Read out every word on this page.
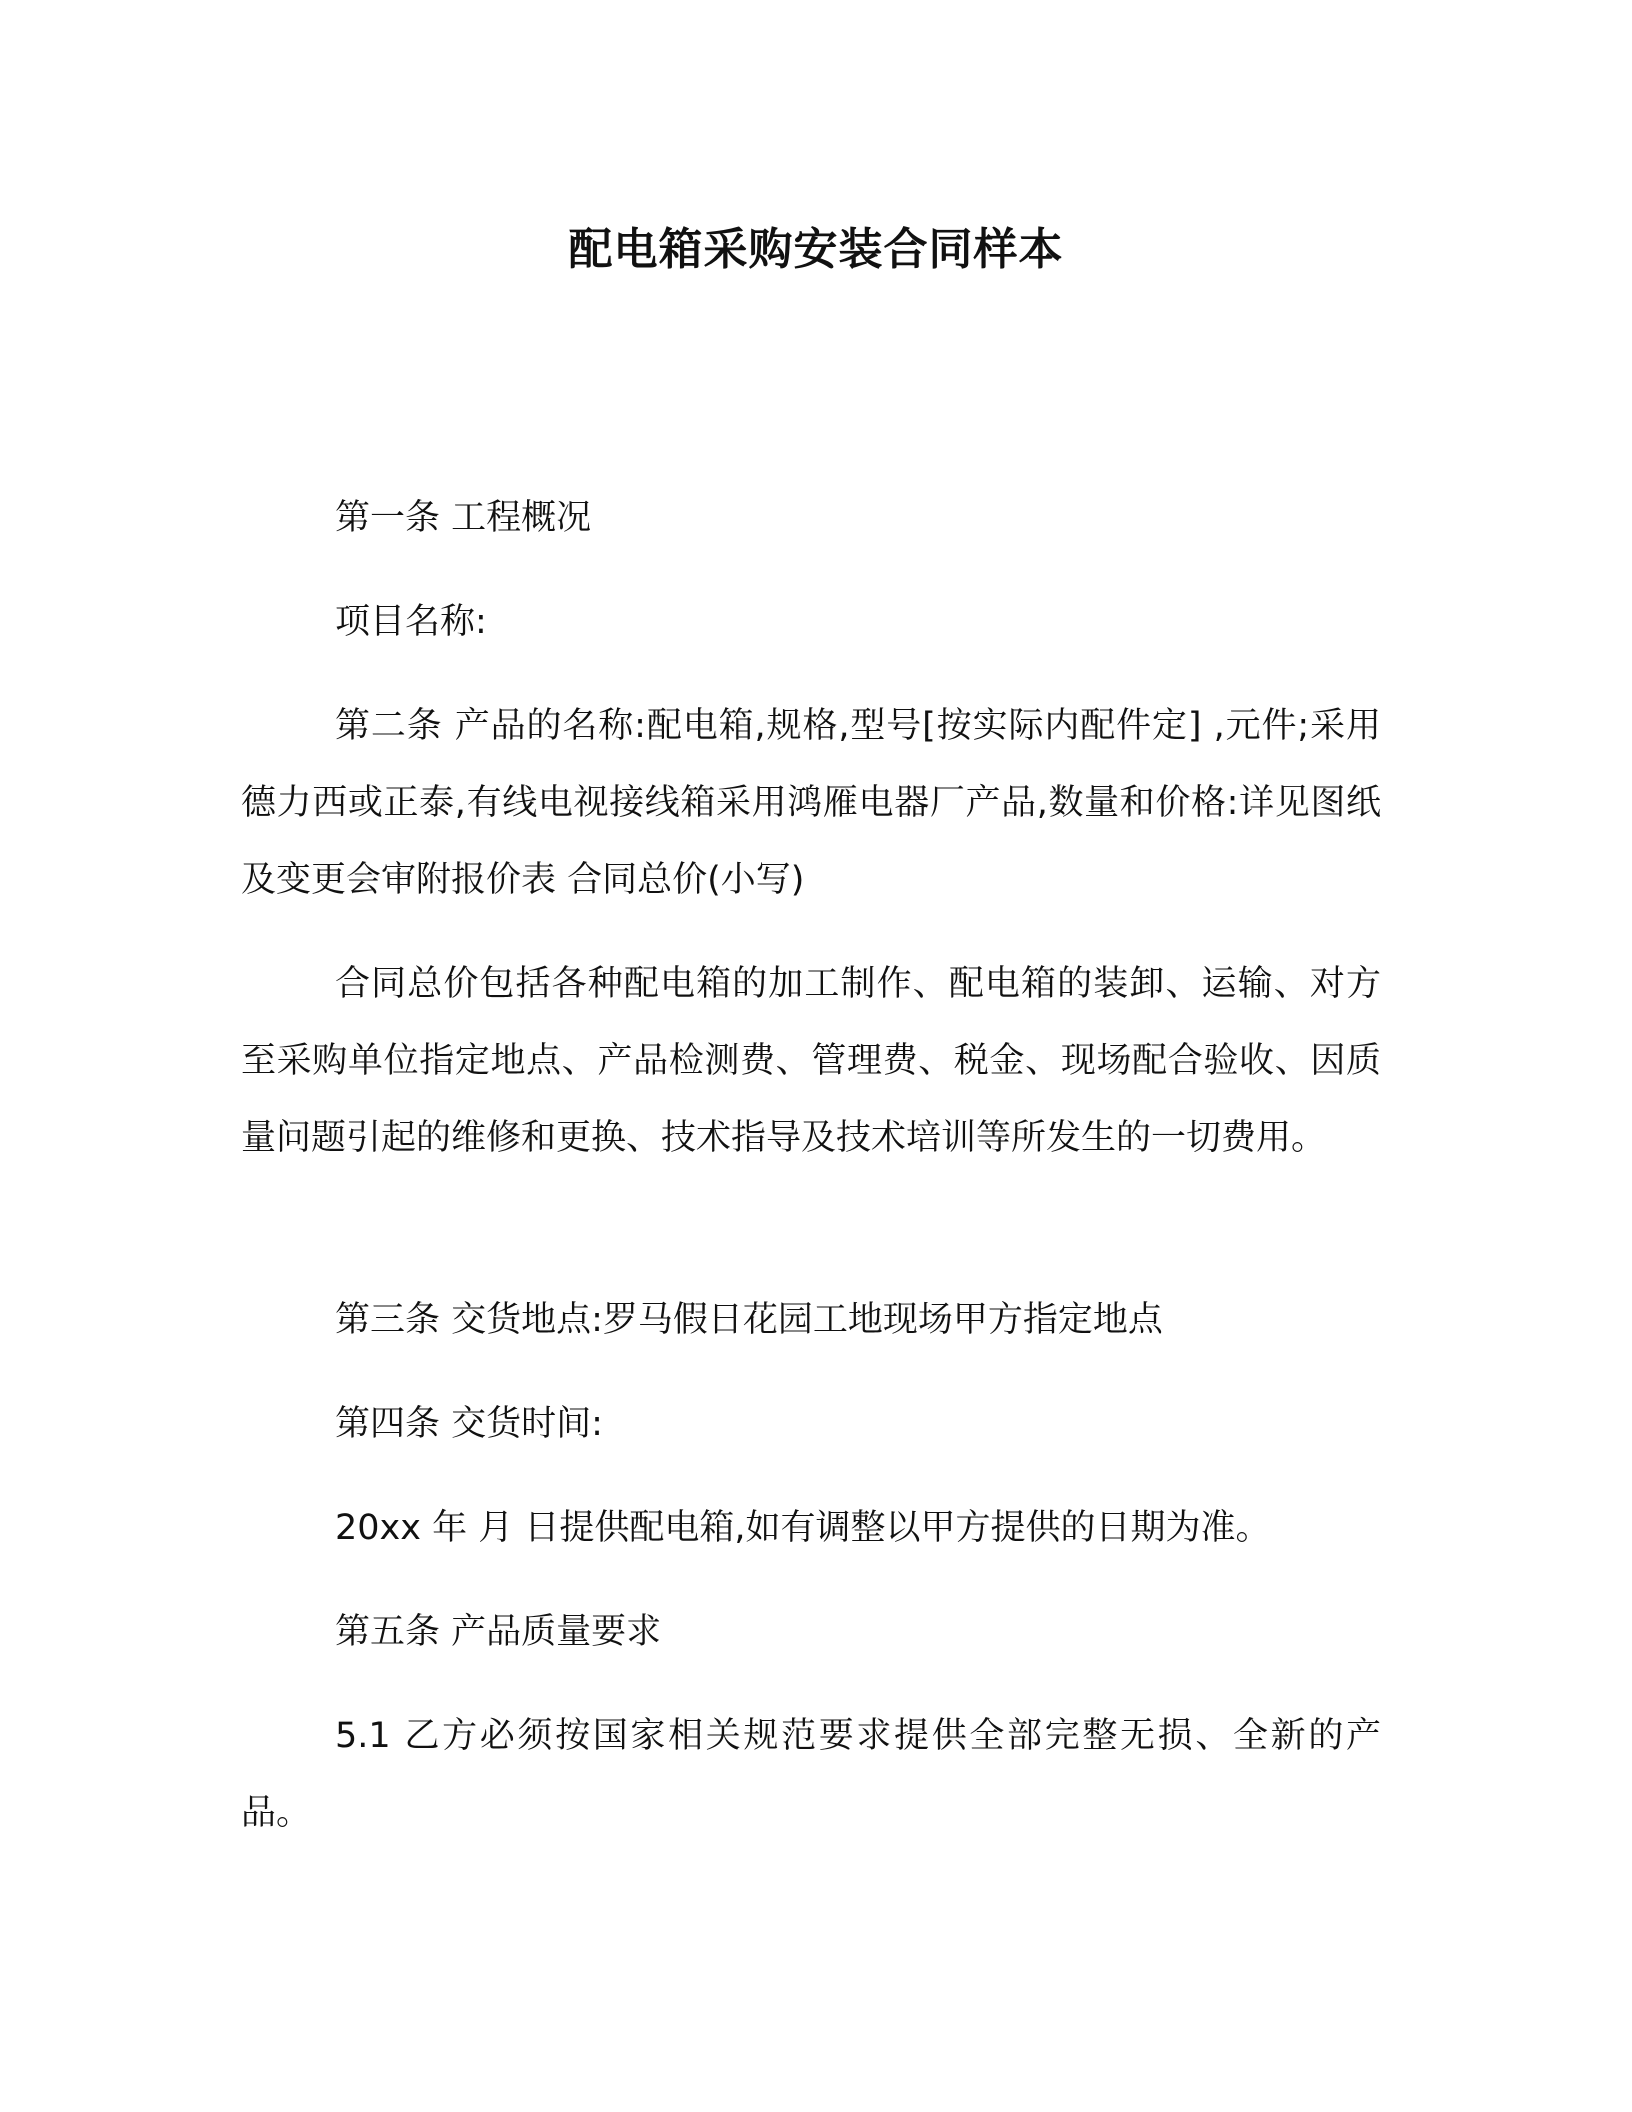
配电箱采购安装合同样本
第一条 工程概况
项目名称:
第二条 产品的名称:配电箱,规格,型号[按实际内配件定] ,元件;采用德力西或正泰,有线电视接线箱采用鸿雁电器厂产品,数量和价格:详见图纸及变更会审附报价表 合同总价(小写)
合同总价包括各种配电箱的加工制作、配电箱的装卸、运输、对方至采购单位指定地点、产品检测费、管理费、税金、现场配合验收、因质量问题引起的维修和更换、技术指导及技术培训等所发生的一切费用。
第三条 交货地点:罗马假日花园工地现场甲方指定地点
第四条 交货时间:
20xx 年 月 日提供配电箱,如有调整以甲方提供的日期为准。
第五条 产品质量要求
5.1 乙方必须按国家相关规范要求提供全部完整无损、全新的产品。
